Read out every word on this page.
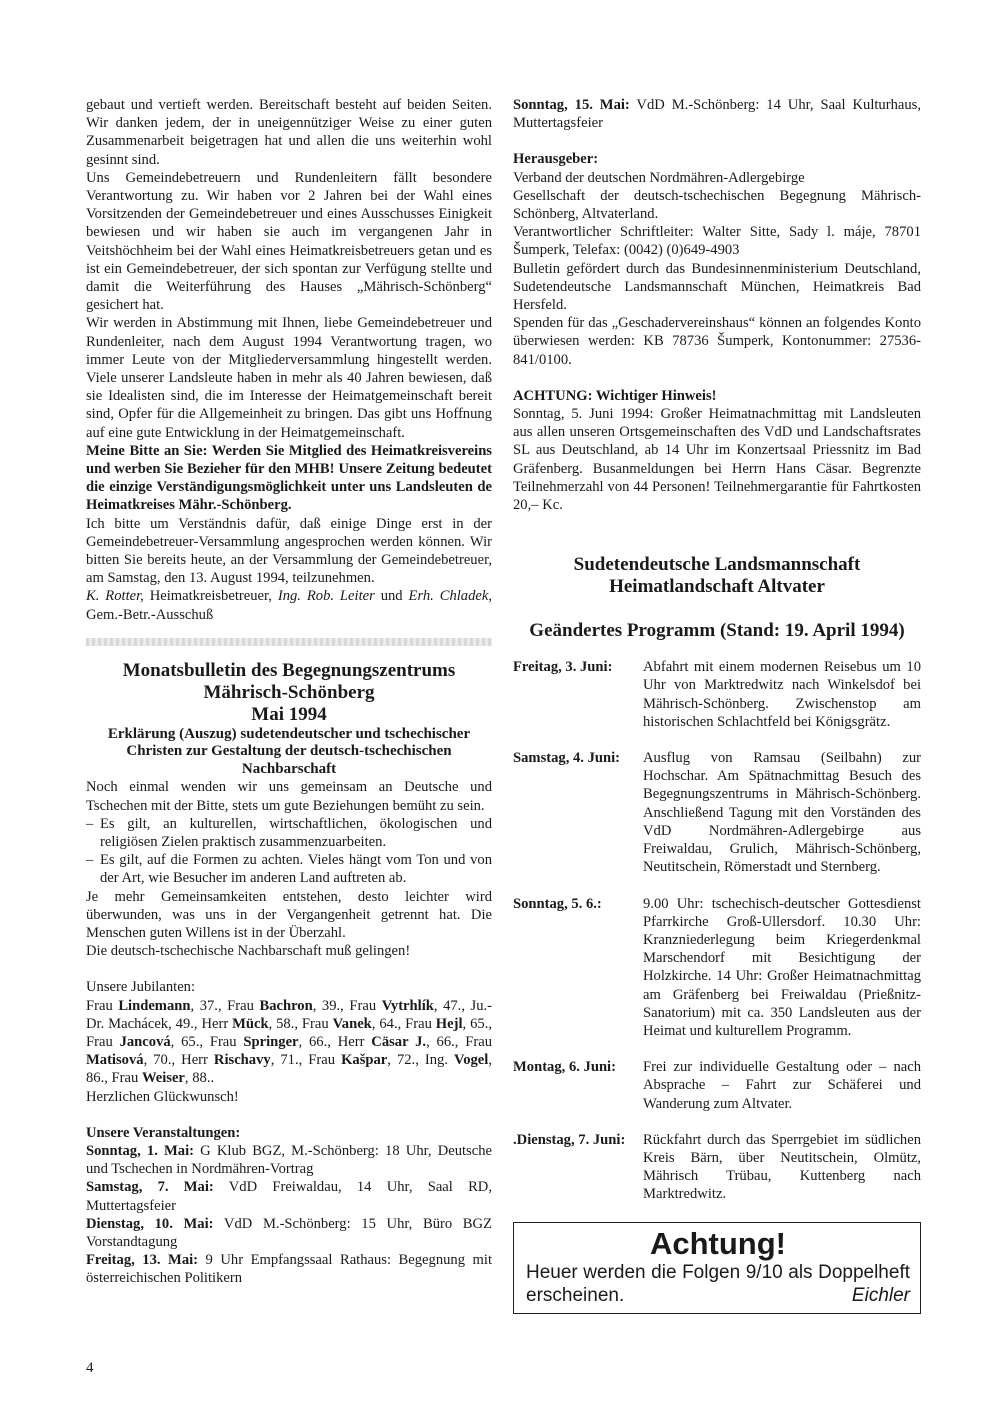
gebaut und vertieft werden. Bereitschaft besteht auf beiden Seiten. Wir danken jedem, der in uneigennütziger Weise zu einer guten Zusammenarbeit beigetragen hat und allen die uns weiterhin wohl gesinnt sind.

Uns Gemeindebetreuern und Rundenleitern fällt besondere Verantwortung zu. Wir haben vor 2 Jahren bei der Wahl eines Vorsitzenden der Gemeindebetreuer und eines Ausschusses Einigkeit bewiesen und wir haben sie auch im vergangenen Jahr in Veitshöchheim bei der Wahl eines Heimatkreisbetreuers getan und es ist ein Gemeindebetreuer, der sich spontan zur Verfügung stellte und damit die Weiterführung des Hauses „Mährisch-Schönberg“ gesichert hat.

Wir werden in Abstimmung mit Ihnen, liebe Gemeindebetreuer und Rundenleiter, nach dem August 1994 Verantwortung tragen, wo immer Leute von der Mitgliederversammlung hingestellt werden. Viele unserer Landsleute haben in mehr als 40 Jahren bewiesen, daß sie Idealisten sind, die im Interesse der Heimatgemeinschaft bereit sind, Opfer für die Allgemeinheit zu bringen. Das gibt uns Hoffnung auf eine gute Entwicklung in der Heimatgemeinschaft.

Meine Bitte an Sie: Werden Sie Mitglied des Heimatkreisvereins und werben Sie Bezieher für den MHB! Unsere Zeitung bedeutet die einzige Verständigungsmöglichkeit unter uns Landsleuten de Heimatkreises Mähr.-Schönberg.

Ich bitte um Verständnis dafür, daß einige Dinge erst in der Gemeindebetreuer-Versammlung angesprochen werden können. Wir bitten Sie bereits heute, an der Versammlung der Gemeindebetreuer, am Samstag, den 13. August 1994, teilzunehmen.

K. Rotter, Heimatkreisbetreuer, Ing. Rob. Leiter und Erh. Chladek, Gem.-Betr.-Ausschuß

Monatsbulletin des Begegnungszentrums Mährisch-Schönberg
Mai 1994
Erklärung (Auszug) sudetendeutscher und tschechischer Christen zur Gestaltung der deutsch-tschechischen Nachbarschaft

Noch einmal wenden wir uns gemeinsam an Deutsche und Tschechen mit der Bitte, stets um gute Beziehungen bemüht zu sein.

– Es gilt, an kulturellen, wirtschaftlichen, ökologischen und religiösen Zielen praktisch zusammenzuarbeiten.
– Es gilt, auf die Formen zu achten. Vieles hängt vom Ton und von der Art, wie Besucher im anderen Land auftreten ab.

Je mehr Gemeinsamkeiten entstehen, desto leichter wird überwunden, was uns in der Vergangenheit getrennt hat. Die Menschen guten Willens ist in der Überzahl.

Die deutsch-tschechische Nachbarschaft muß gelingen!

Unsere Jubilanten:

Frau Lindemann, 37., Frau Bachron, 39., Frau Vytrhlík, 47., Ju.-Dr. Machácek, 49., Herr Mück, 58., Frau Vanek, 64., Frau Hejl, 65., Frau Jancová, 65., Frau Springer, 66., Herr Cäsar J., 66., Frau Matisová, 70., Herr Rischavy, 71., Frau Kašpar, 72., Ing. Vogel, 86., Frau Weiser, 88..

Herzlichen Glückwunsch!

Unsere Veranstaltungen:

Sonntag, 1. Mai: G Klub BGZ, M.-Schönberg: 18 Uhr, Deutsche und Tschechen in Nordmähren-Vortrag

Samstag, 7. Mai: VdD Freiwaldau, 14 Uhr, Saal RD, Muttertagsfeier

Dienstag, 10. Mai: VdD M.-Schönberg: 15 Uhr, Büro BGZ Vorstandtagung

Freitag, 13. Mai: 9 Uhr Empfangssaal Rathaus: Begegnung mit österreichischen Politikern

Sonntag, 15. Mai: VdD M.-Schönberg: 14 Uhr, Saal Kulturhaus, Muttertagsfeier

Herausgeber:

Verband der deutschen Nordmähren-Adlergebirge

Gesellschaft der deutsch-tschechischen Begegnung Mährisch-Schönberg, Altvaterland.

Verantwortlicher Schriftleiter: Walter Sitte, Sady l. máje, 78701 Šumperk, Telefax: (0042) (0)649-4903

Bulletin gefördert durch das Bundesinnenministerium Deutschland, Sudetendeutsche Landsmannschaft München, Heimatkreis Bad Hersfeld.

Spenden für das „Geschadervereinshaus“ können an folgendes Konto überwiesen werden: KB 78736 Šumperk, Kontonummer: 27536-841/0100.

ACHTUNG: Wichtiger Hinweis!

Sonntag, 5. Juni 1994: Großer Heimatnachmittag mit Landsleuten aus allen unseren Ortsgemeinschaften des VdD und Landschaftsrates SL aus Deutschland, ab 14 Uhr im Konzertsaal Priessnitz im Bad Gräfenberg. Busanmeldungen bei Herrn Hans Cäsar. Begrenzte Teilnehmerzahl von 44 Personen! Teilnehmergarantie für Fahrtkosten 20,– Kc.

Sudetendeutsche Landsmannschaft
Heimatlandschaft Altvater
Geändertes Programm (Stand: 19. April 1994)
Freitag, 3. Juni:	Abfahrt mit einem modernen Reisebus um 10 Uhr von Marktredwitz nach Winkelsdof bei Mährisch-Schönberg. Zwischenstop am historischen Schlachtfeld bei Königsgrätz.
Samstag, 4. Juni:	Ausflug von Ramsau (Seilbahn) zur Hochschar. Am Spätnachmittag Besuch des Begegnungszentrums in Mährisch-Schönberg. Anschließend Tagung mit den Vorständen des VdD Nordmähren-Adlergebirge aus Freiwaldau, Grulich, Mährisch-Schönberg, Neutitschein, Römerstadt und Sternberg.
Sonntag, 5. 6.:	9.00 Uhr: tschechisch-deutscher Gottesdienst Pfarrkirche Groß-Ullersdorf. 10.30 Uhr: Kranzniederlegung beim Kriegerdenkmal Marschendorf mit Besichtigung der Holzkirche. 14 Uhr: Großer Heimatnachmittag am Gräfenberg bei Freiwaldau (Prießnitz-Sanatorium) mit ca. 350 Landsleuten aus der Heimat und kulturellem Programm.
Montag, 6. Juni:	Frei zur individuelle Gestaltung oder – nach Absprache – Fahrt zur Schäferei und Wanderung zum Altvater.
.Dienstag, 7. Juni:	Rückfahrt durch das Sperrgebiet im südlichen Kreis Bärn, über Neutitschein, Olmütz, Mährisch Trübau, Kuttenberg nach Marktredwitz.
Achtung!
Heuer werden die Folgen 9/10 als Doppelheft erscheinen.	Eichler
4
